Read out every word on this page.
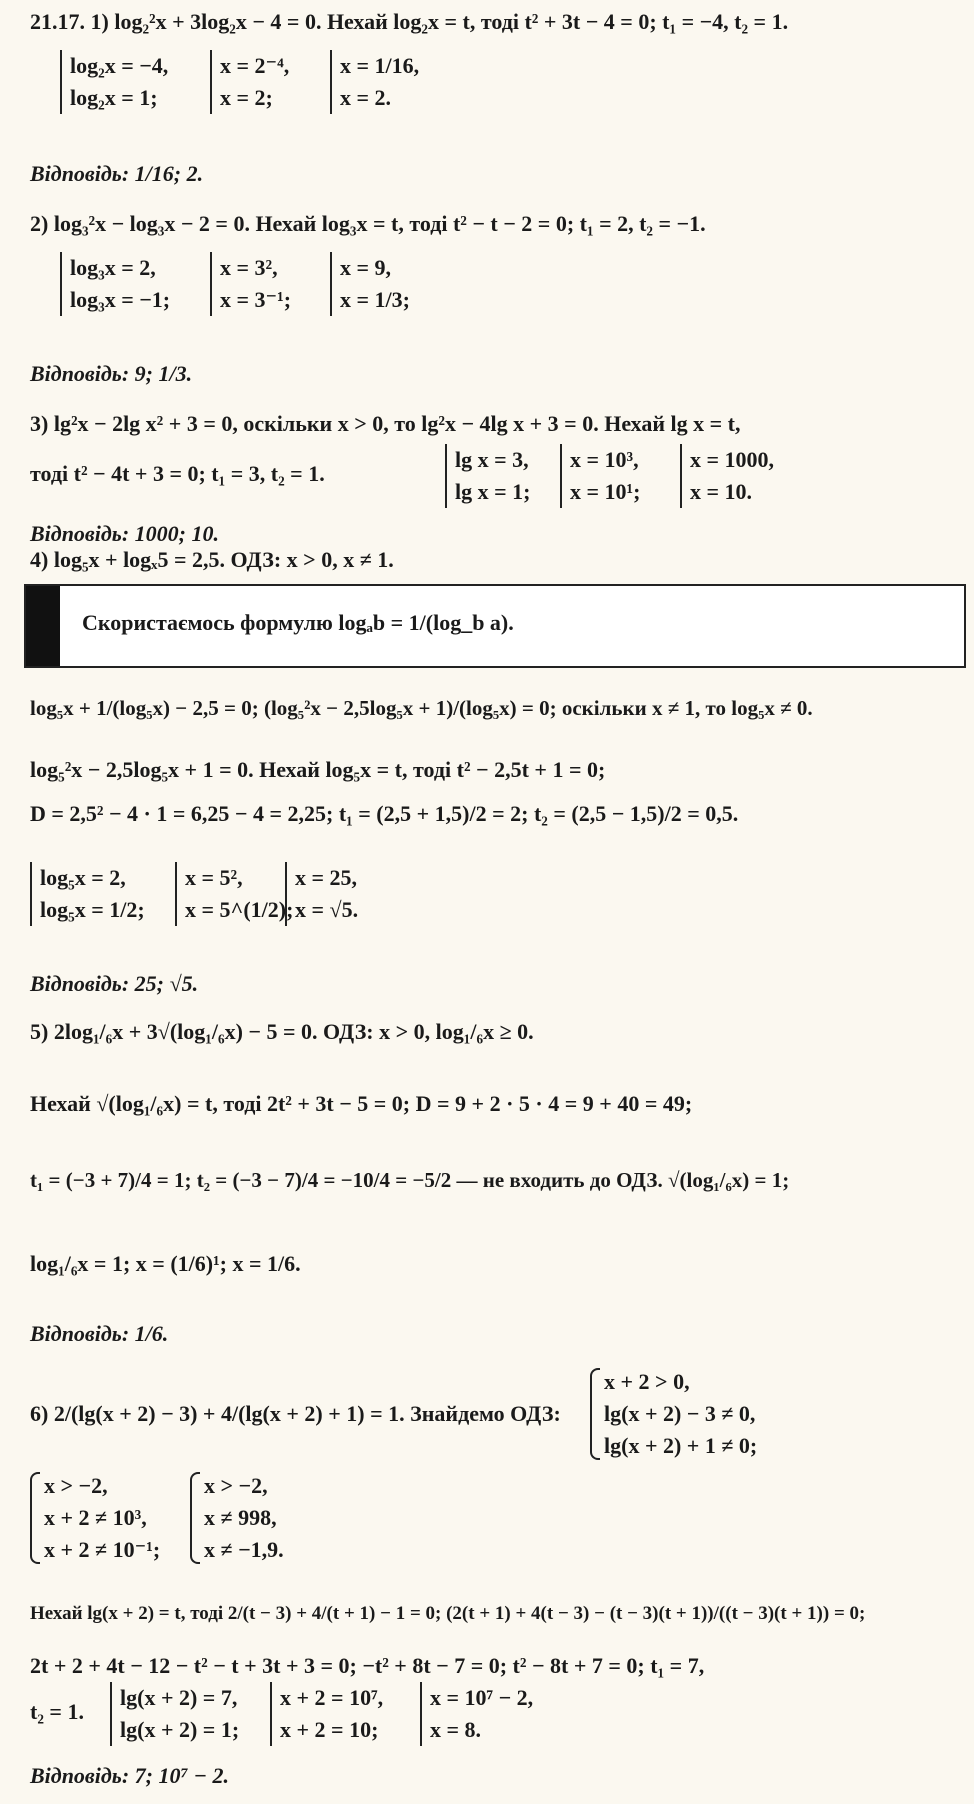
21.17. 1) log₂²x + 3log₂x − 4 = 0. Нехай log₂x = t, тоді t² + 3t − 4 = 0; t₁ = −4, t₂ = 1.
log₂x = −4,
log₂x = 1;
x = 2⁻⁴,
x = 2;
x = 1/16,
x = 2.
Відповідь: 1/16; 2.
2) log₃²x − log₃x − 2 = 0. Нехай log₃x = t, тоді t² − t − 2 = 0; t₁ = 2, t₂ = −1.
log₃x = 2,
log₃x = −1;
x = 3²,
x = 3⁻¹;
x = 9,
x = 1/3;
Відповідь: 9; 1/3.
3) lg²x − 2lg x² + 3 = 0, оскільки x > 0, то lg²x − 4lg x + 3 = 0. Нехай lg x = t,
тоді t² − 4t + 3 = 0; t₁ = 3, t₂ = 1.
lg x = 3,
lg x = 1;
x = 10³,
x = 10¹;
x = 1000,
x = 10.
Відповідь: 1000; 10.
4) log₅x + logₓ5 = 2,5. ОДЗ: x > 0, x ≠ 1.
Скористаємось формулю logₐb = 1/(log_b a).
log₅x + 1/(log₅x) − 2,5 = 0; (log₅²x − 2,5log₅x + 1)/(log₅x) = 0; оскільки x ≠ 1, то log₅x ≠ 0.
log₅²x − 2,5log₅x + 1 = 0. Нехай log₅x = t, тоді t² − 2,5t + 1 = 0;
D = 2,5² − 4 · 1 = 6,25 − 4 = 2,25; t₁ = (2,5 + 1,5)/2 = 2; t₂ = (2,5 − 1,5)/2 = 0,5.
log₅x = 2,
log₅x = 1/2;
x = 5²,
x = 5^(1/2);
x = 25,
x = √5.
Відповідь: 25; √5.
5) 2log₁/₆x + 3√(log₁/₆x) − 5 = 0. ОДЗ: x > 0, log₁/₆x ≥ 0.
Нехай √(log₁/₆x) = t, тоді 2t² + 3t − 5 = 0; D = 9 + 2 · 5 · 4 = 9 + 40 = 49;
t₁ = (−3 + 7)/4 = 1; t₂ = (−3 − 7)/4 = −10/4 = −5/2 — не входить до ОДЗ. √(log₁/₆x) = 1;
log₁/₆x = 1; x = (1/6)¹; x = 1/6.
Відповідь: 1/6.
6) 2/(lg(x + 2) − 3) + 4/(lg(x + 2) + 1) = 1. Знайдемо ОДЗ:
x + 2 > 0,
lg(x + 2) − 3 ≠ 0,
lg(x + 2) + 1 ≠ 0;
x > −2,
x + 2 ≠ 10³,
x + 2 ≠ 10⁻¹;
x > −2,
x ≠ 998,
x ≠ −1,9.
Нехай lg(x + 2) = t, тоді 2/(t − 3) + 4/(t + 1) − 1 = 0; (2(t + 1) + 4(t − 3) − (t − 3)(t + 1))/((t − 3)(t + 1)) = 0;
2t + 2 + 4t − 12 − t² − t + 3t + 3 = 0; −t² + 8t − 7 = 0; t² − 8t + 7 = 0; t₁ = 7,
t₂ = 1.
lg(x + 2) = 7,
lg(x + 2) = 1;
x + 2 = 10⁷,
x + 2 = 10;
x = 10⁷ − 2,
x = 8.
Відповідь: 7; 10⁷ − 2.
